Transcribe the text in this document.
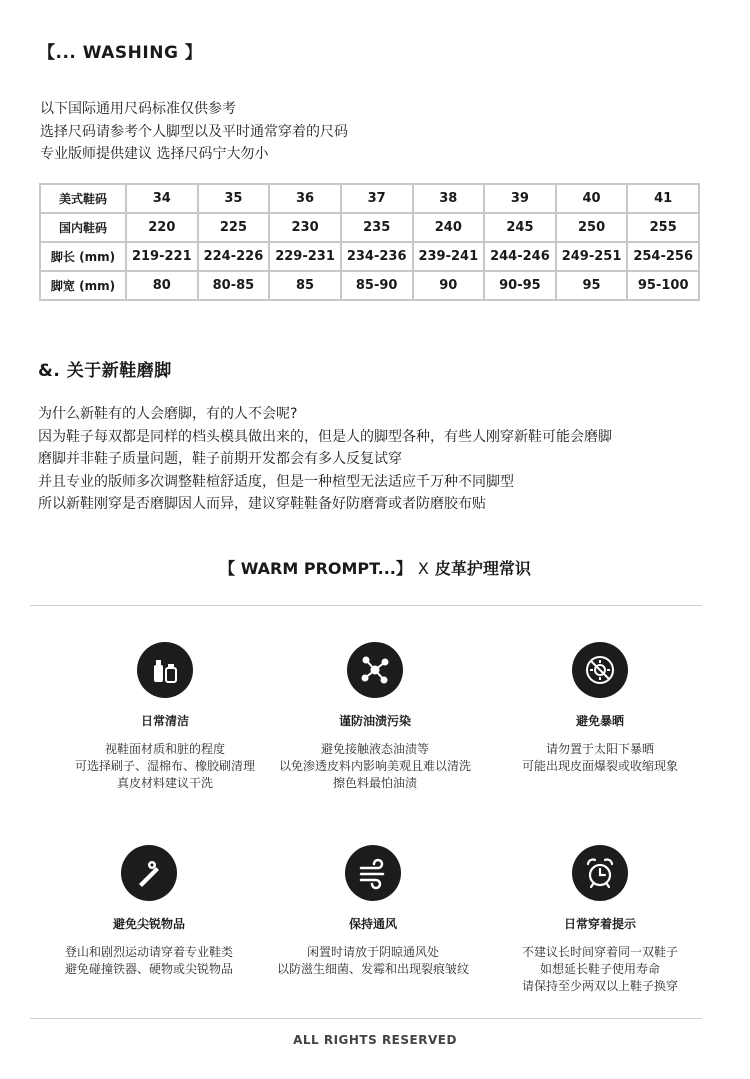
【... WASHING 】
以下国际通用尺码标准仅供参考
选择尺码请参考个人脚型以及平时通常穿着的尺码
专业版师提供建议 选择尺码宁大勿小
美式鞋码	34	35	36	37	38	39	40	41
国内鞋码	220	225	230	235	240	245	250	255
脚长 (mm)	219-221	224-226	229-231	234-236	239-241	244-246	249-251	254-256
脚宽 (mm)	80	80-85	85	85-90	90	90-95	95	95-100
&. 关于新鞋磨脚
为什么新鞋有的人会磨脚，有的人不会呢?
因为鞋子每双都是同样的档头模具做出来的，但是人的脚型各种，有些人刚穿新鞋可能会磨脚
磨脚并非鞋子质量问题，鞋子前期开发都会有多人反复试穿
并且专业的版师多次调整鞋楦舒适度，但是一种楦型无法适应千万种不同脚型
所以新鞋刚穿是否磨脚因人而异，建议穿鞋鞋备好防磨膏或者防磨胶布贴
【 WARM PROMPT...】 X 皮革护理常识
日常清洁
视鞋面材质和脏的程度
可选择刷子、湿棉布、橡胶刷清理
真皮材料建议干洗
谨防油渍污染
避免接触液态油渍等
以免渗透皮料内影响美观且难以清洗
擦色料最怕油渍
避免暴晒
请勿置于太阳下暴晒
可能出现皮面爆裂或收缩现象
避免尖锐物品
登山和剧烈运动请穿着专业鞋类
避免碰撞铁器、硬物或尖锐物品
保持通风
闲置时请放于阴晾通风处
以防滋生细菌、发霉和出现裂痕皱纹
日常穿着提示
不建议长时间穿着同一双鞋子
如想延长鞋子使用寿命
请保持至少两双以上鞋子换穿
ALL RIGHTS RESERVED
